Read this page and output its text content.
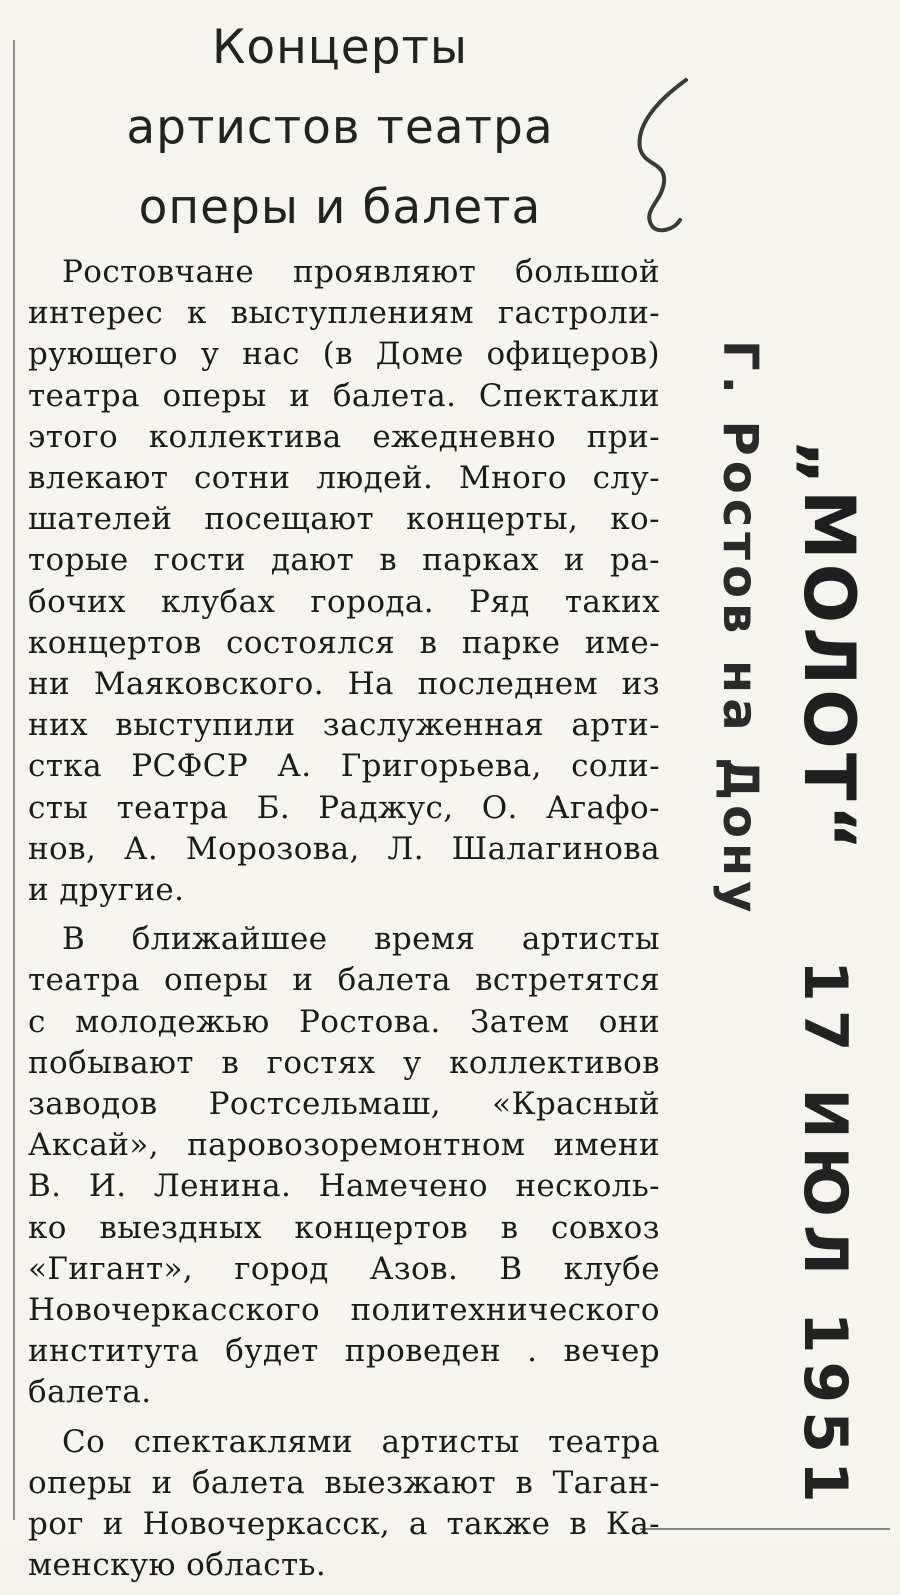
Концерты
артистов театра
оперы и балета
Ростовчане проявляют большой
интерес к выступлениям гастроли-
рующего у нас (в Доме офицеров)
театра оперы и балета. Спектакли
этого коллектива ежедневно при-
влекают сотни людей. Много слу-
шателей посещают концерты, ко-
торые гости дают в парках и ра-
бочих клубах города. Ряд таких
концертов состоялся в парке име-
ни Маяковского. На последнем из
них выступили заслуженная арти-
стка РСФСР А. Григорьева, соли-
сты театра Б. Раджус, О. Агафо-
нов, А. Морозова, Л. Шалагинова
и другие.
В ближайшее время артисты
театра оперы и балета встретятся
с молодежью Ростова. Затем они
побывают в гостях у коллективов
заводов Ростсельмаш, «Красный
Аксай», паровозоремонтном имени
В. И. Ленина. Намечено несколь-
ко выездных концертов в совхоз
«Гигант», город Азов. В клубе
Новочеркасского политехнического
института будет проведен . вечер
балета.
Со спектаклями артисты театра
оперы и балета выезжают в Таган-
рог и Новочеркасск, а также в Ка-
менскую область.
Г. Ростов на Дону „МОЛОТ“
17 ИЮЛ 1951
